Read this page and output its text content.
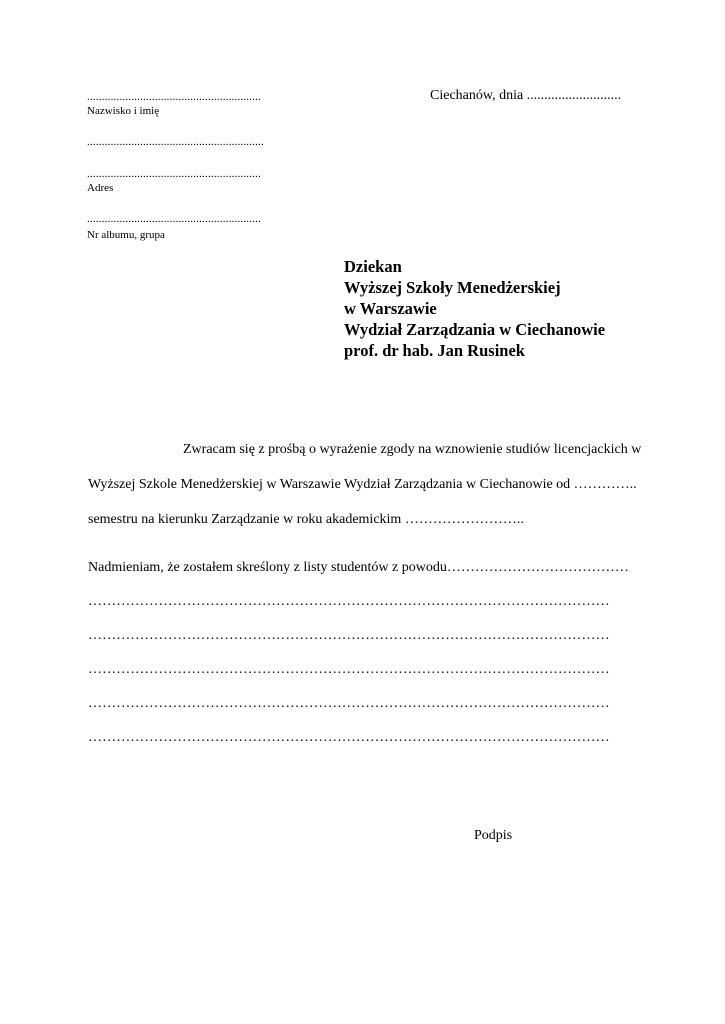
...........................................................
Nazwisko i imię
............................................................
...........................................................
Adres
...........................................................
Nr albumu, grupa
Ciechanów, dnia ...........................
Dziekan
Wyższej Szkoły Menedżerskiej
w Warszawie
Wydział Zarządzania w Ciechanowie
prof. dr hab. Jan Rusinek
Zwracam się z prośbą o wyrażenie zgody na wznowienie studiów licencjackich w
Wyższej Szkole Menedżerskiej w Warszawie Wydział Zarządzania w Ciechanowie od …………..
semestru na kierunku Zarządzanie w roku akademickim ……………………..
Nadmieniam, że zostałem skreślony z listy studentów z powodu…………………………………
…………………………………………………………………………………………………
…………………………………………………………………………………………………
…………………………………………………………………………………………………
…………………………………………………………………………………………………
…………………………………………………………………………………………………
Podpis
